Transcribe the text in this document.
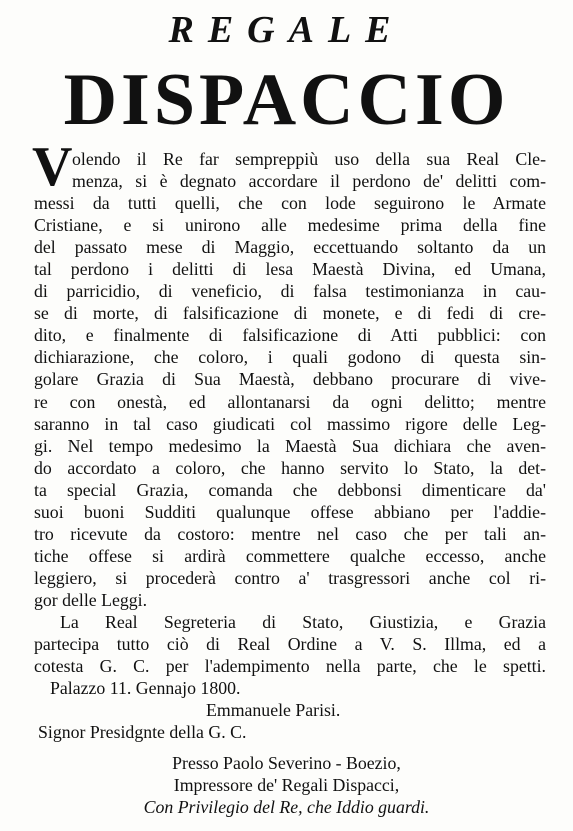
REGALE
DISPACCIO
V olendo il Re far sempreppiù uso della sua Real Cle-
menza, si è degnato accordare il perdono de' delitti com-
messi da tutti quelli, che con lode seguirono le Armate
Cristiane, e si unirono alle medesime prima della fine
del passato mese di Maggio, eccettuando soltanto da un
tal perdono i delitti di lesa Maestà Divina, ed Umana,
di parricidio, di veneficio, di falsa testimonianza in cau-
se di morte, di falsificazione di monete, e di fedi di cre-
dito, e finalmente di falsificazione di Atti pubblici: con
dichiarazione, che coloro, i quali godono di questa sin-
golare Grazia di Sua Maestà, debbano procurare di vive-
re con onestà, ed allontanarsi da ogni delitto; mentre
saranno in tal caso giudicati col massimo rigore delle Leg-
gi. Nel tempo medesimo la Maestà Sua dichiara che aven-
do accordato a coloro, che hanno servito lo Stato, la det-
ta special Grazia, comanda che debbonsi dimenticare da'
suoi buoni Sudditi qualunque offese abbiano per l'addie-
tro ricevute da costoro: mentre nel caso che per tali an-
tiche offese si ardirà commettere qualche eccesso, anche
leggiero, si procederà contro a' trasgressori anche col ri-
gor delle Leggi.
La Real Segreteria di Stato, Giustizia, e Grazia
partecipa tutto ciò di Real Ordine a V. S. Illma, ed a
cotesta G. C. per l'adempimento nella parte, che le spetti.
Palazzo 11. Gennajo 1800.
Emmanuele Parisi.
Signor Presidgnte della G. C.
Presso Paolo Severino - Boezio,
Impressore de' Regali Dispacci,
Con Privilegio del Re, che Iddio guardi.
